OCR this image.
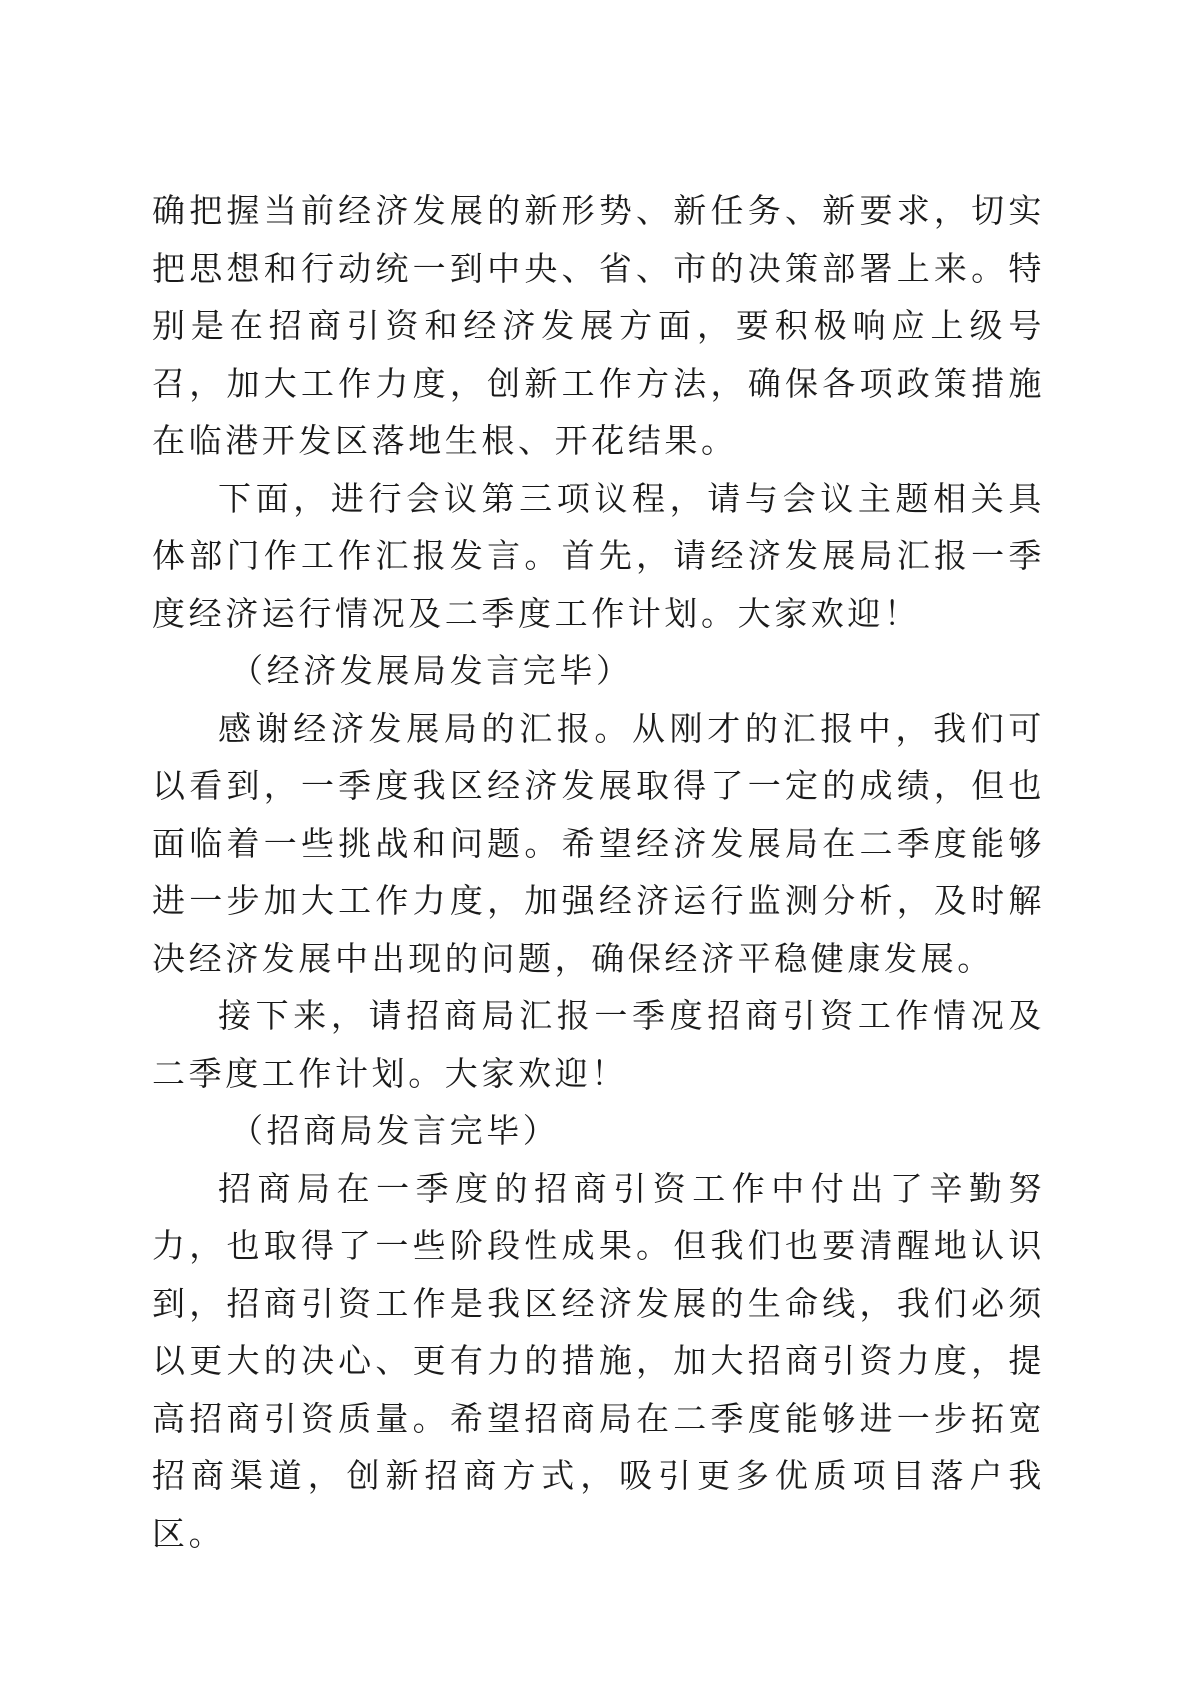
确把握当前经济发展的新形势、新任务、新要求，切实把思想和行动统一到中央、省、市的决策部署上来。特别是在招商引资和经济发展方面，要积极响应上级号召，加大工作力度，创新工作方法，确保各项政策措施在临港开发区落地生根、开花结果。

下面，进行会议第三项议程，请与会议主题相关具体部门作工作汇报发言。首先，请经济发展局汇报一季度经济运行情况及二季度工作计划。大家欢迎！

（经济发展局发言完毕）

感谢经济发展局的汇报。从刚才的汇报中，我们可以看到，一季度我区经济发展取得了一定的成绩，但也面临着一些挑战和问题。希望经济发展局在二季度能够进一步加大工作力度，加强经济运行监测分析，及时解决经济发展中出现的问题，确保经济平稳健康发展。

接下来，请招商局汇报一季度招商引资工作情况及二季度工作计划。大家欢迎！

（招商局发言完毕）

招商局在一季度的招商引资工作中付出了辛勤努力，也取得了一些阶段性成果。但我们也要清醒地认识到，招商引资工作是我区经济发展的生命线，我们必须以更大的决心、更有力的措施，加大招商引资力度，提高招商引资质量。希望招商局在二季度能够进一步拓宽招商渠道，创新招商方式，吸引更多优质项目落户我区。
